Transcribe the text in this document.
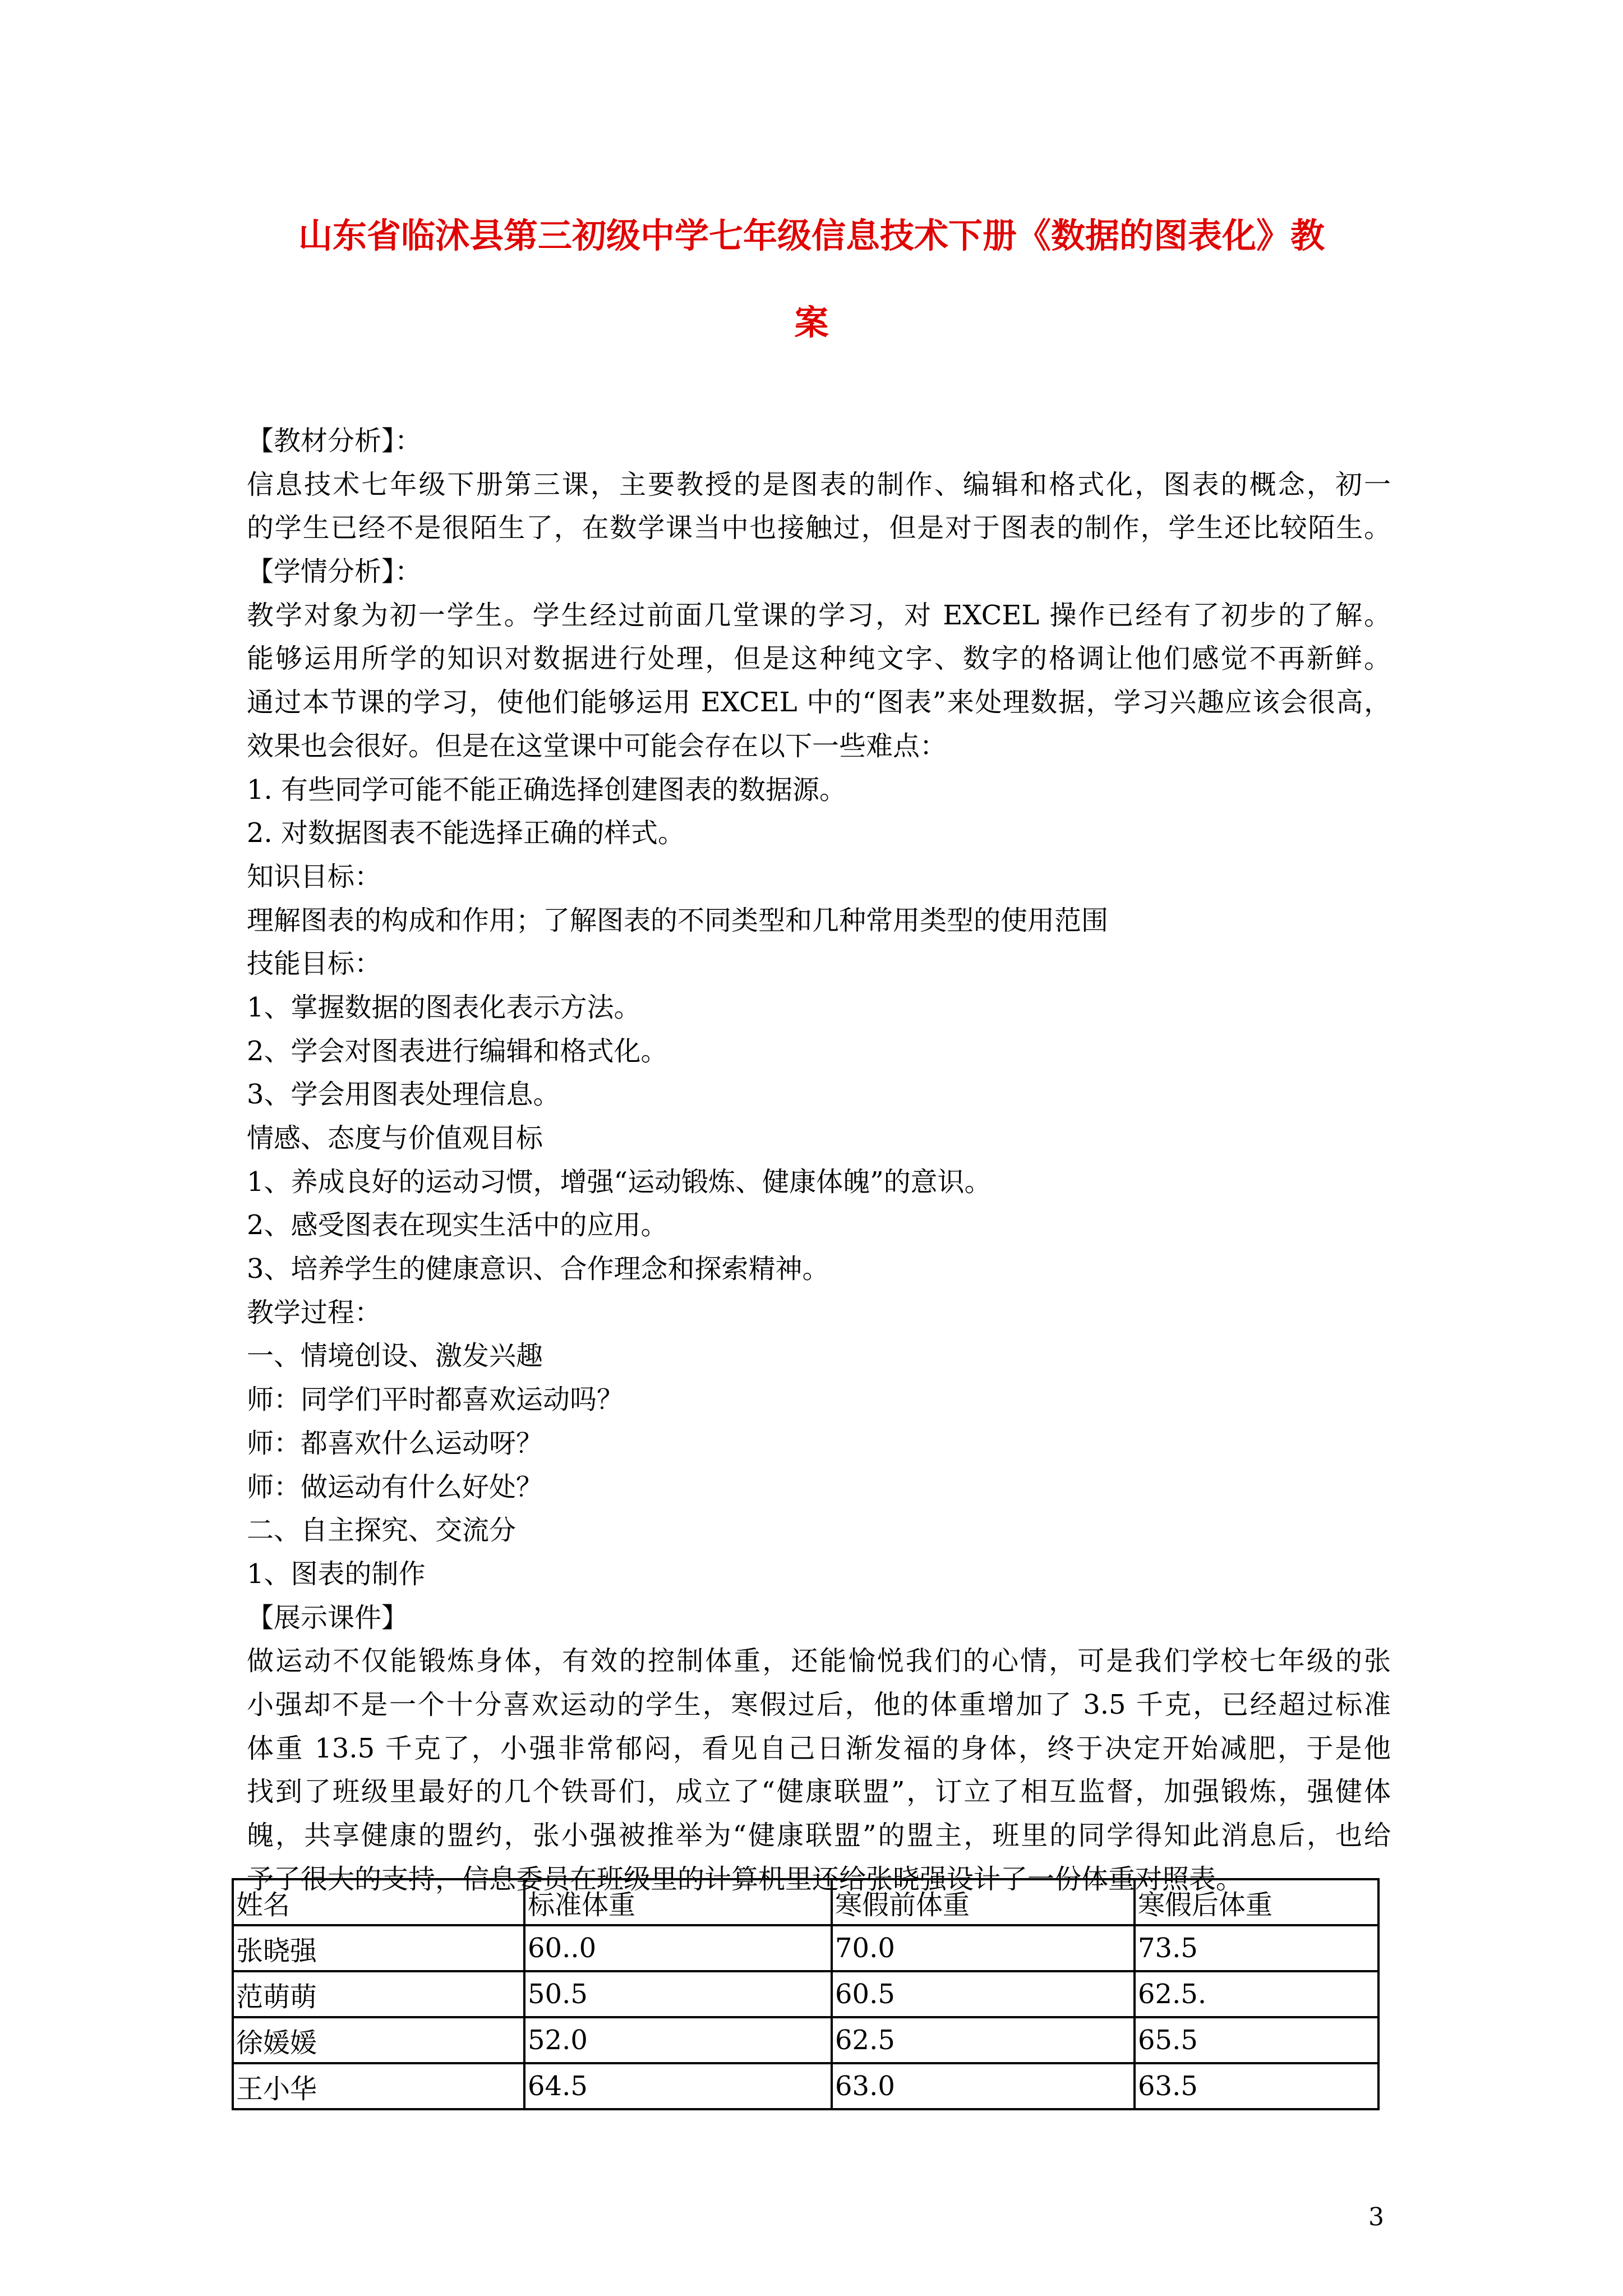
山东省临沭县第三初级中学七年级信息技术下册《数据的图表化》教
案
【教材分析】：
信息技术七年级下册第三课，主要教授的是图表的制作、编辑和格式化，图表的概念，初一
的学生已经不是很陌生了，在数学课当中也接触过，但是对于图表的制作，学生还比较陌生。
【学情分析】：
教学对象为初一学生。学生经过前面几堂课的学习，对 EXCEL 操作已经有了初步的了解。
能够运用所学的知识对数据进行处理，但是这种纯文字、数字的格调让他们感觉不再新鲜。
通过本节课的学习，使他们能够运用 EXCEL 中的“图表”来处理数据，学习兴趣应该会很高，
效果也会很好。但是在这堂课中可能会存在以下一些难点：
1. 有些同学可能不能正确选择创建图表的数据源。
2. 对数据图表不能选择正确的样式。
知识目标：
理解图表的构成和作用；了解图表的不同类型和几种常用类型的使用范围
技能目标：
1、掌握数据的图表化表示方法。
2、学会对图表进行编辑和格式化。
3、学会用图表处理信息。
情感、态度与价值观目标
1、养成良好的运动习惯，增强“运动锻炼、健康体魄”的意识。
2、感受图表在现实生活中的应用。
3、培养学生的健康意识、合作理念和探索精神。
教学过程：
一、情境创设、激发兴趣
师：同学们平时都喜欢运动吗？
师：都喜欢什么运动呀？
师：做运动有什么好处？
二、自主探究、交流分
1、图表的制作
【展示课件】
做运动不仅能锻炼身体，有效的控制体重，还能愉悦我们的心情，可是我们学校七年级的张
小强却不是一个十分喜欢运动的学生，寒假过后，他的体重增加了 3.5 千克，已经超过标准
体重 13.5 千克了，小强非常郁闷，看见自己日渐发福的身体，终于决定开始减肥，于是他
找到了班级里最好的几个铁哥们，成立了“健康联盟”，订立了相互监督，加强锻炼，强健体
魄，共享健康的盟约，张小强被推举为“健康联盟”的盟主，班里的同学得知此消息后，也给
予了很大的支持，信息委员在班级里的计算机里还给张晓强设计了一份体重对照表。
姓名	标准体重	寒假前体重	寒假后体重
张晓强	60..0	70.0	73.5
范萌萌	50.5	60.5	62.5.
徐媛媛	52.0	62.5	65.5
王小华	64.5	63.0	63.5
3
